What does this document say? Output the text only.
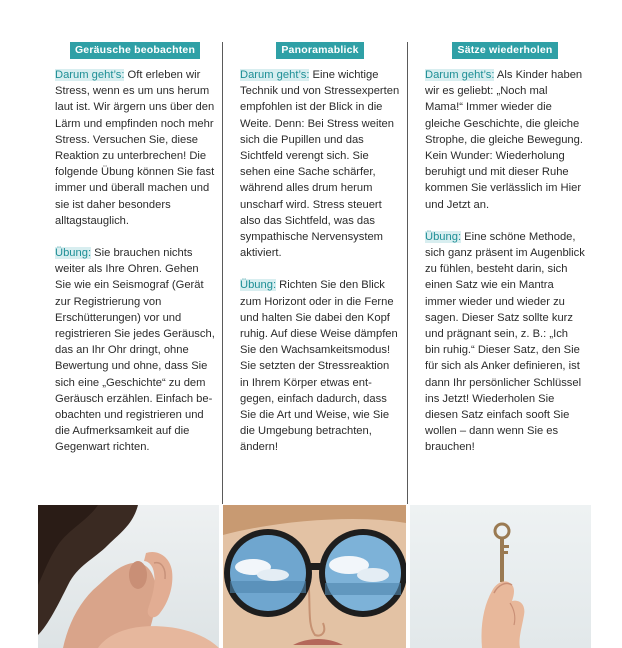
Geräusche beobachten

Darum geht’s: Oft erleben wir Stress, wenn es um uns herum laut ist. Wir ärgern uns über den Lärm und empfinden noch mehr Stress. Versuchen Sie, diese Reaktion zu unterbrechen! Die folgende Übung können Sie fast immer und überall machen und sie ist daher besonders alltagstauglich.

Übung: Sie brauchen nichts weiter als Ihre Ohren. Gehen Sie wie ein Seismograf (Gerät zur Registrierung von Erschütterungen) vor und registrieren Sie jedes Geräusch, das an Ihr Ohr dringt, ohne Bewertung und ohne, dass Sie sich eine „Geschichte“ zu dem Geräusch erzählen. Einfach beobachten und registrieren und die Aufmerksamkeit auf die Gegenwart richten.

Panoramablick

Darum geht’s: Eine wichtige Technik und von Stressexperten empfohlen ist der Blick in die Weite. Denn: Bei Stress weiten sich die Pupillen und das Sichtfeld verengt sich. Sie sehen eine Sache schärfer, während alles drum herum unscharf wird. Stress steuert also das Sichtfeld, was das sympathische Nervensystem aktiviert.

Übung: Richten Sie den Blick zum Horizont oder in die Ferne und halten Sie dabei den Kopf ruhig. Auf diese Weise dämpfen Sie den Wachsamkeitsmodus! Sie setzten der Stressreaktion in Ihrem Körper etwas entgegen, einfach dadurch, dass Sie die Art und Weise, wie Sie die Umgebung betrachten, ändern!

Sätze wiederholen

Darum geht’s: Als Kinder haben wir es geliebt: „Noch mal Mama!“ Immer wieder die gleiche Geschichte, die gleiche Strophe, die gleiche Bewegung. Kein Wunder: Wiederholung beruhigt und mit dieser Ruhe kommen Sie verlässlich im Hier und Jetzt an.

Übung: Eine schöne Methode, sich ganz präsent im Augenblick zu fühlen, besteht darin, sich einen Satz wie ein Mantra immer wieder und wieder zu sagen. Dieser Satz sollte kurz und prägnant sein, z. B.: „Ich bin ruhig.“ Dieser Satz, den Sie für sich als Anker definieren, ist dann Ihr persönlicher Schlüssel ins Jetzt! Wiederholen Sie diesen Satz einfach sooft Sie wollen – dann wenn Sie es brauchen!
